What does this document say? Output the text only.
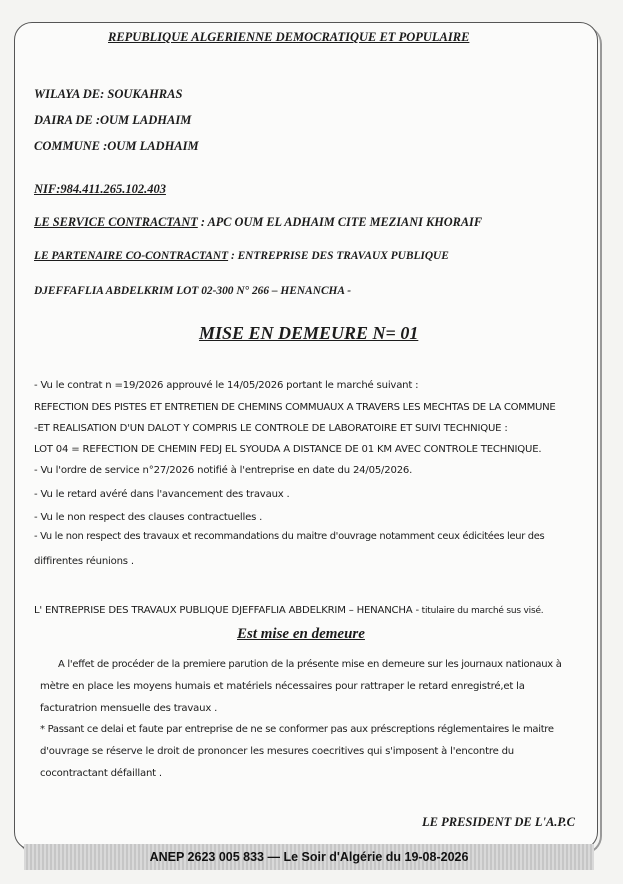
REPUBLIQUE ALGERIENNE DEMOCRATIQUE ET POPULAIRE
WILAYA DE: SOUKAHRAS
DAIRA DE :OUM LADHAIM
COMMUNE :OUM LADHAIM
NIF:984.411.265.102.403
LE SERVICE CONTRACTANT : APC OUM EL ADHAIM CITE MEZIANI KHORAIF
LE PARTENAIRE CO-CONTRACTANT : ENTREPRISE DES TRAVAUX PUBLIQUE
DJEFFAFLIA ABDELKRIM LOT 02-300 N° 266 – HENANCHA -
MISE EN DEMEURE N= 01
- Vu le contrat n =19/2026 approuvé le 14/05/2026 portant le marché suivant :
REFECTION DES PISTES ET ENTRETIEN DE CHEMINS COMMUAUX A TRAVERS LES MECHTAS DE LA COMMUNE
-ET REALISATION D'UN DALOT Y COMPRIS LE CONTROLE DE LABORATOIRE ET SUIVI TECHNIQUE :
LOT 04 = REFECTION DE CHEMIN FEDJ EL SYOUDA A DISTANCE DE 01 KM AVEC CONTROLE TECHNIQUE.
- Vu l'ordre de service n°27/2026 notifié à l'entreprise en date du 24/05/2026.
- Vu le retard avéré dans l'avancement des travaux .
- Vu le non respect des clauses contractuelles .
- Vu le non respect des travaux et recommandations du maitre d'ouvrage notamment ceux édicitées leur des
diffirentes réunions .
L' ENTREPRISE DES TRAVAUX PUBLIQUE DJEFFAFLIA ABDELKRIM – HENANCHA - titulaire du marché sus visé.
Est mise en demeure
A l'effet de procéder de la premiere parution de la présente mise en demeure sur les journaux nationaux à
mètre en place les moyens humais et matériels nécessaires pour rattraper le retard enregistré,et la
facturatrion mensuelle des travaux .
* Passant ce delai et faute par entreprise de ne se conformer pas aux préscreptions réglementaires le maitre
d'ouvrage se réserve le droit de prononcer les mesures coecritives qui s'imposent à l'encontre du
cocontractant défaillant .
LE PRESIDENT DE L'A.P.C
ANEP 2623 005 833 — Le Soir d'Algérie du 19-08-2026
